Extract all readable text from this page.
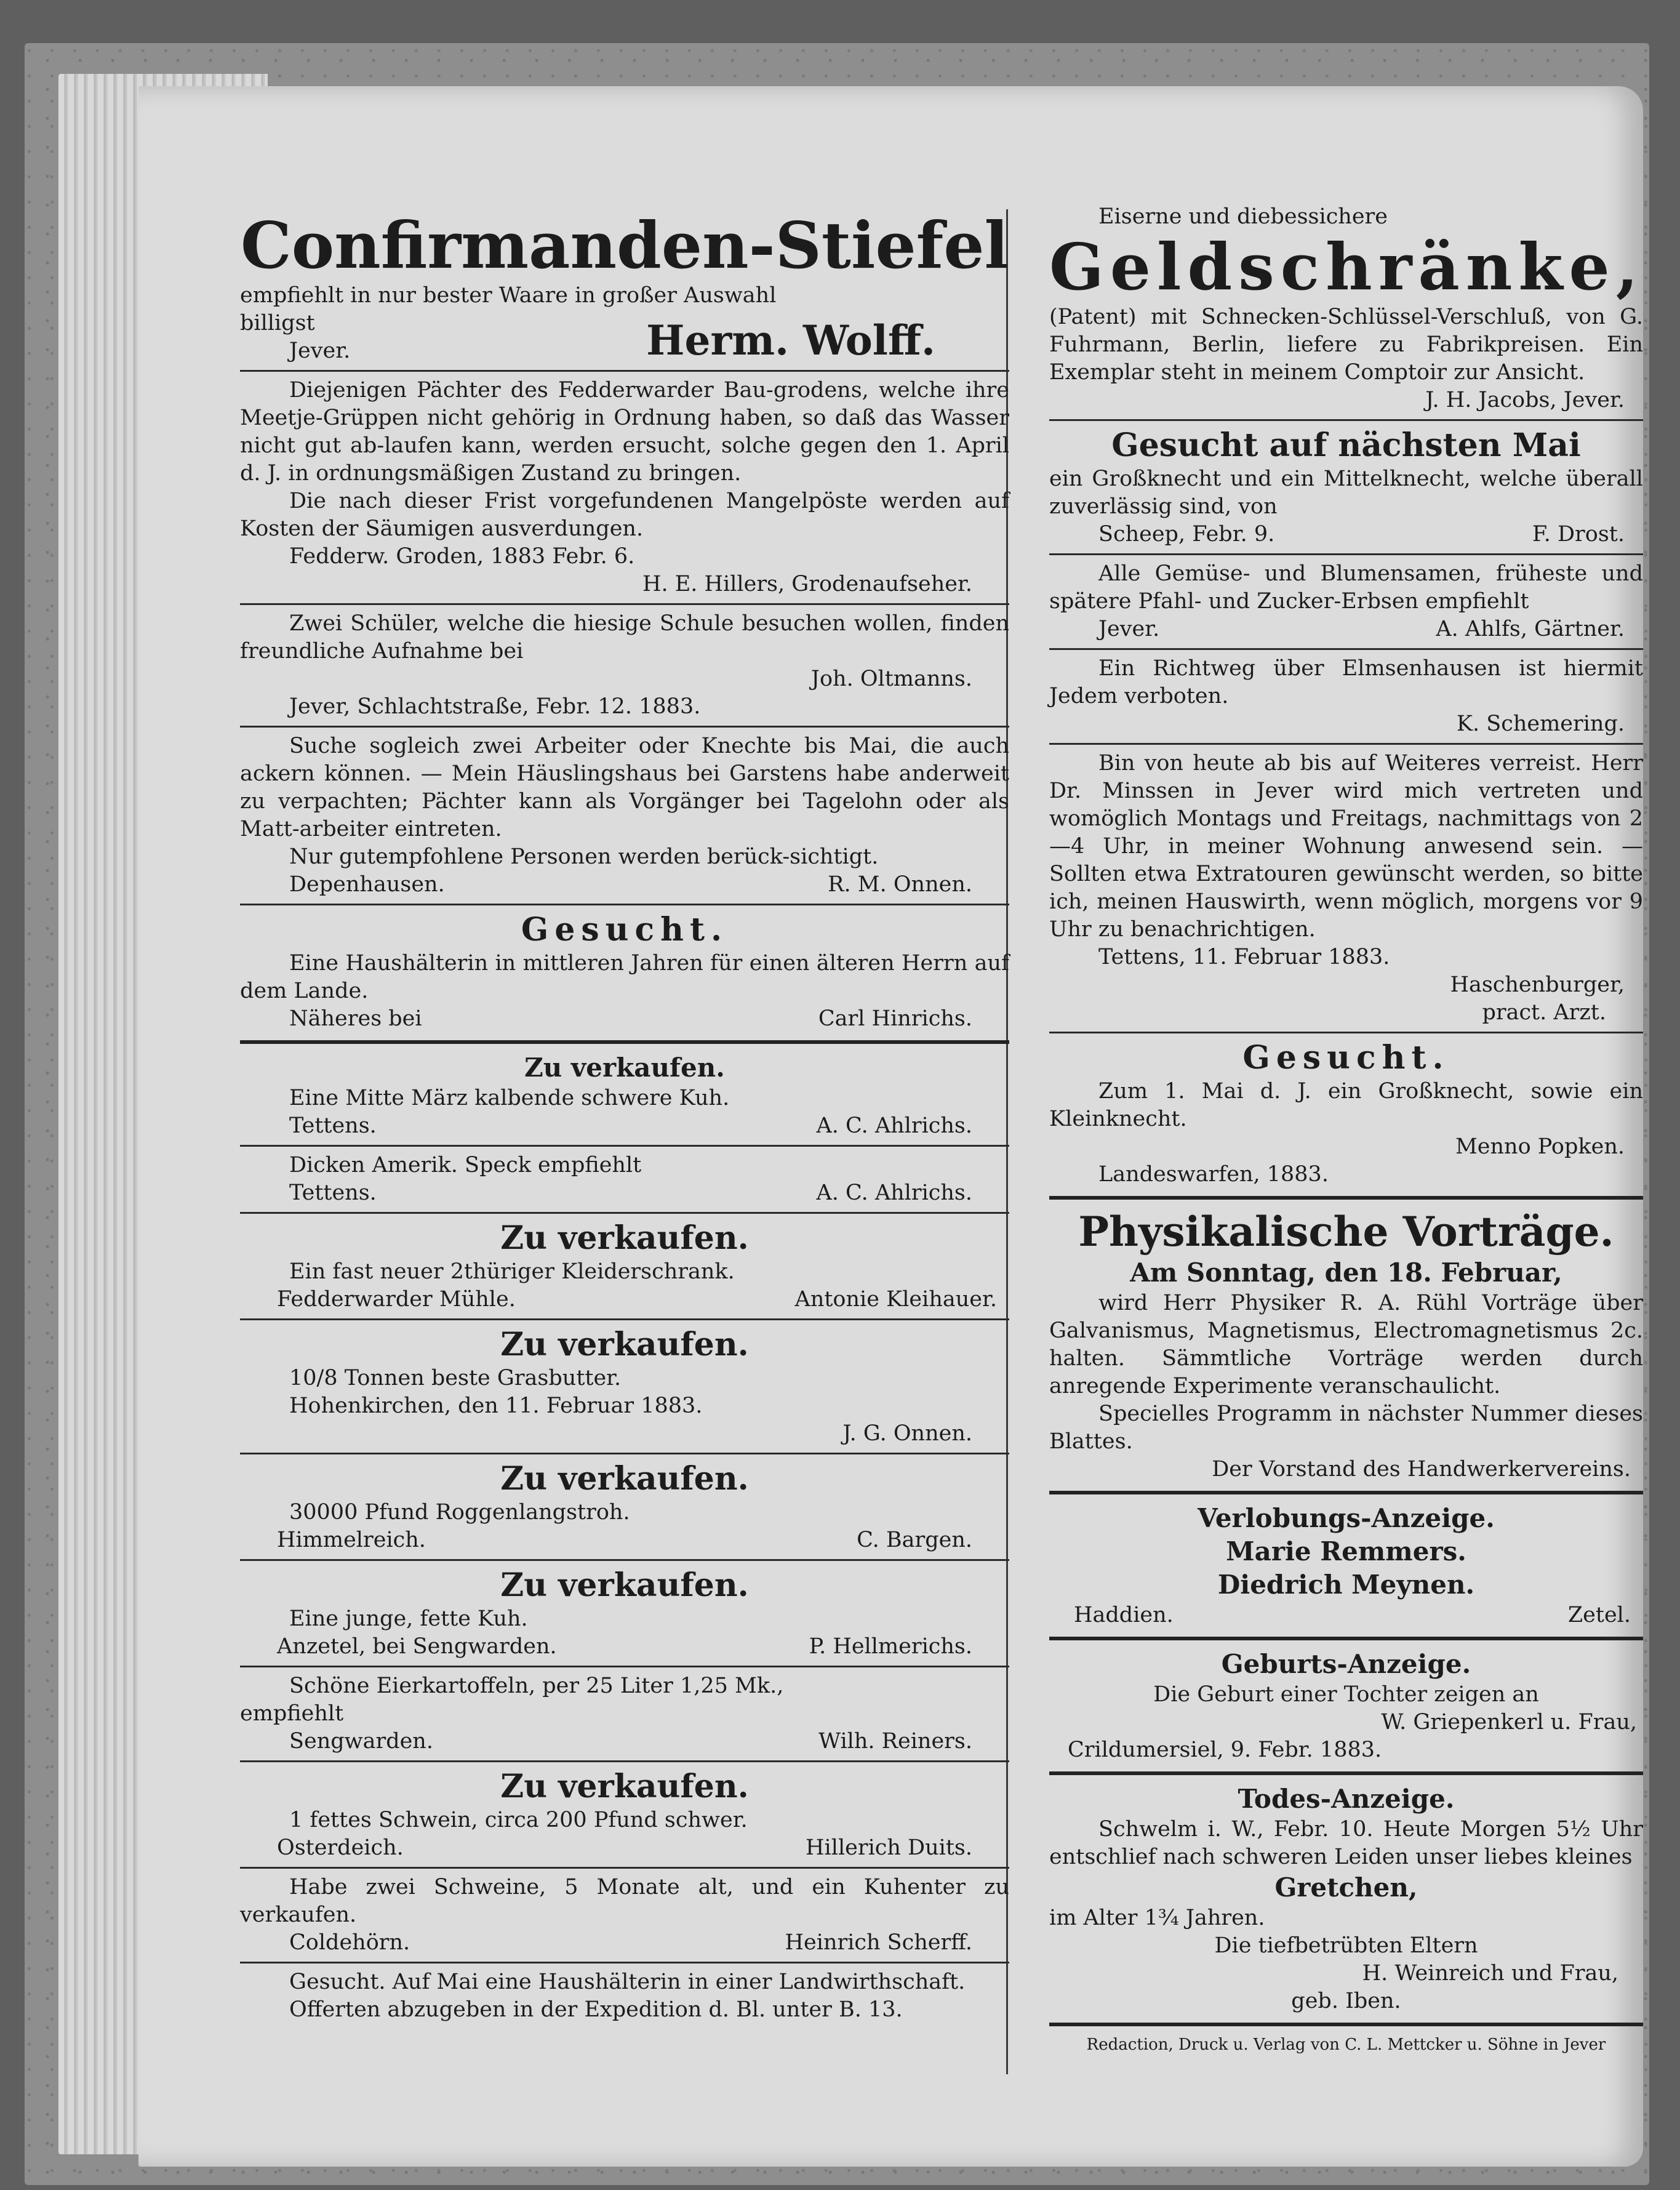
Confirmanden-Stiefel

empfiehlt in nur bester Waare in großer Auswahl

billigst
Jever.	Herm. Wolff.

Diejenigen Pächter des Fedderwarder Bau-grodens, welche ihre Meetje-Grüppen nicht gehörig in Ordnung haben, so daß das Wasser nicht gut ab-laufen kann, werden ersucht, solche gegen den 1. April d. J. in ordnungsmäßigen Zustand zu bringen.

Die nach dieser Frist vorgefundenen Mangelpöste werden auf Kosten der Säumigen ausverdungen.

Fedderw. Groden, 1883 Febr. 6.

H. E. Hillers, Grodenaufseher.

Zwei Schüler, welche die hiesige Schule besuchen wollen, finden freundliche Aufnahme bei

Joh. Oltmanns.

Jever, Schlachtstraße, Febr. 12. 1883.

Suche sogleich zwei Arbeiter oder Knechte bis Mai, die auch ackern können. — Mein Häuslingshaus bei Garstens habe anderweit zu verpachten; Pächter kann als Vorgänger bei Tagelohn oder als Matt-arbeiter eintreten.

Nur gutempfohlene Personen werden berück-sichtigt.

Depenhausen.	R. M. Onnen.

Gesucht.

Eine Haushälterin in mittleren Jahren für einen älteren Herrn auf dem Lande.

Näheres bei	Carl Hinrichs.

Zu verkaufen.

Eine Mitte März kalbende schwere Kuh.

Tettens.	A. C. Ahlrichs.

Dicken Amerik. Speck empfiehlt

Tettens.	A. C. Ahlrichs.

Zu verkaufen.

Ein fast neuer 2thüriger Kleiderschrank.

Fedderwarder Mühle.	Antonie Kleihauer.

Zu verkaufen.

10/8 Tonnen beste Grasbutter.

Hohenkirchen, den 11. Februar 1883.

J. G. Onnen.

Zu verkaufen.

30000 Pfund Roggenlangstroh.

Himmelreich.	C. Bargen.

Zu verkaufen.

Eine junge, fette Kuh.

Anzetel, bei Sengwarden.	P. Hellmerichs.

Schöne Eierkartoffeln, per 25 Liter 1,25 Mk.,

empfiehlt

Sengwarden.	Wilh. Reiners.

Zu verkaufen.

1 fettes Schwein, circa 200 Pfund schwer.

Osterdeich.	Hillerich Duits.

Habe zwei Schweine, 5 Monate alt, und ein Kuhenter zu verkaufen.

Coldehörn.	Heinrich Scherff.

Gesucht. Auf Mai eine Haushälterin in einer Landwirthschaft.

Offerten abzugeben in der Expedition d. Bl. unter B. 13.

Eiserne und diebessichere

Geldschränke,

(Patent) mit Schnecken-Schlüssel-Verschluß, von G. Fuhrmann, Berlin, liefere zu Fabrikpreisen. Ein Exemplar steht in meinem Comptoir zur Ansicht.

J. H. Jacobs, Jever.

Gesucht auf nächsten Mai

ein Großknecht und ein Mittelknecht, welche überall zuverlässig sind, von

Scheep, Febr. 9.	F. Drost.

Alle Gemüse- und Blumensamen, früheste und spätere Pfahl- und Zucker-Erbsen empfiehlt

Jever.	A. Ahlfs, Gärtner.

Ein Richtweg über Elmsenhausen ist hiermit Jedem verboten.

K. Schemering.

Bin von heute ab bis auf Weiteres verreist. Herr Dr. Minssen in Jever wird mich vertreten und womöglich Montags und Freitags, nachmittags von 2—4 Uhr, in meiner Wohnung anwesend sein. — Sollten etwa Extratouren gewünscht werden, so bitte ich, meinen Hauswirth, wenn möglich, morgens vor 9 Uhr zu benachrichtigen.

Tettens, 11. Februar 1883.

Haschenburger,

pract. Arzt.

Gesucht.

Zum 1. Mai d. J. ein Großknecht, sowie ein Kleinknecht.

Menno Popken.

Landeswarfen, 1883.

Physikalische Vorträge.

Am Sonntag, den 18. Februar,

wird Herr Physiker R. A. Rühl Vorträge über Galvanismus, Magnetismus, Electromagnetismus 2c. halten. Sämmtliche Vorträge werden durch anregende Experimente veranschaulicht.

Specielles Programm in nächster Nummer dieses Blattes.

Der Vorstand des Handwerkervereins.

Verlobungs-Anzeige.

Marie Remmers.

Diedrich Meynen.

Haddien.	Zetel.

Geburts-Anzeige.

Die Geburt einer Tochter zeigen an

W. Griepenkerl u. Frau,

Crildumersiel, 9. Febr. 1883.

Todes-Anzeige.

Schwelm i. W., Febr. 10. Heute Morgen 5½ Uhr entschlief nach schweren Leiden unser liebes kleines

Gretchen,

im Alter 1¾ Jahren.

Die tiefbetrübten Eltern

H. Weinreich und Frau,

geb. Iben.

Redaction, Druck u. Verlag von C. L. Mettcker u. Söhne in Jever
